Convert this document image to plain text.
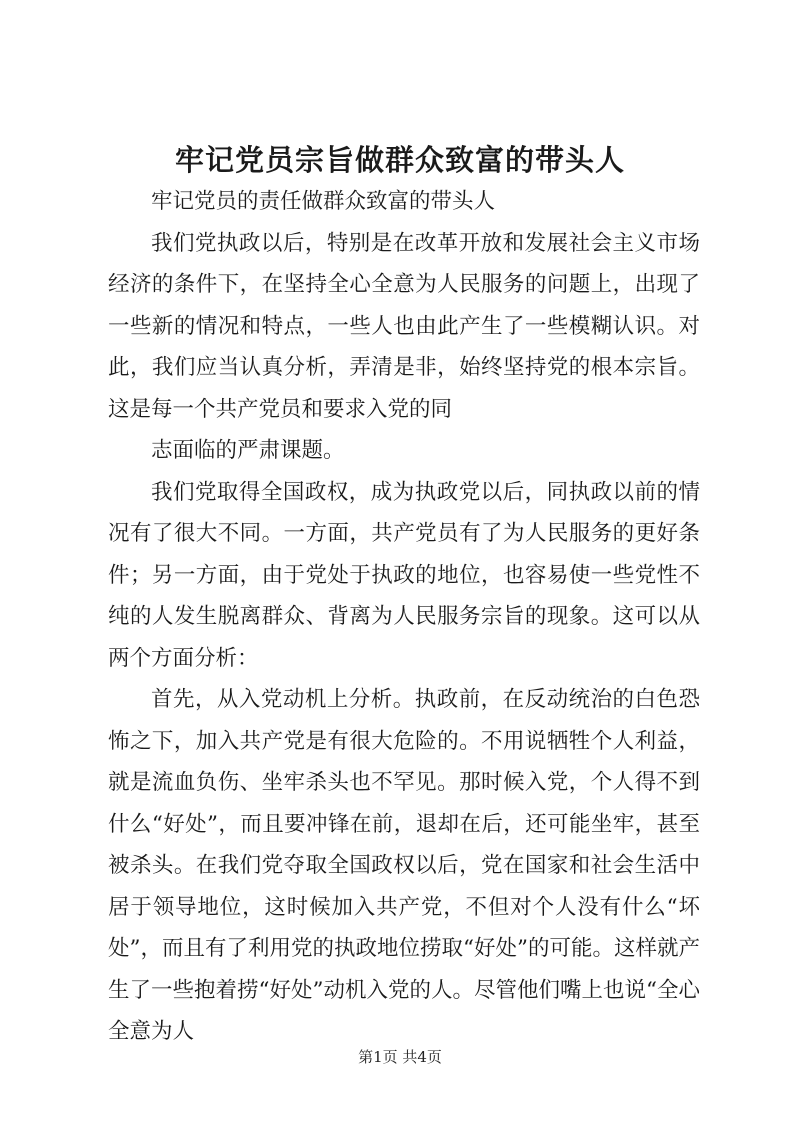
牢记党员宗旨做群众致富的带头人

牢记党员的责任做群众致富的带头人

我们党执政以后，特别是在改革开放和发展社会主义市场经济的条件下，在坚持全心全意为人民服务的问题上，出现了一些新的情况和特点，一些人也由此产生了一些模糊认识。对此，我们应当认真分析，弄清是非，始终坚持党的根本宗旨。这是每一个共产党员和要求入党的同

志面临的严肃课题。

我们党取得全国政权，成为执政党以后，同执政以前的情况有了很大不同。一方面，共产党员有了为人民服务的更好条件；另一方面，由于党处于执政的地位，也容易使一些党性不纯的人发生脱离群众、背离为人民服务宗旨的现象。这可以从两个方面分析：

首先，从入党动机上分析。执政前，在反动统治的白色恐怖之下，加入共产党是有很大危险的。不用说牺牲个人利益，就是流血负伤、坐牢杀头也不罕见。那时候入党，个人得不到什么“好处”，而且要冲锋在前，退却在后，还可能坐牢，甚至被杀头。在我们党夺取全国政权以后，党在国家和社会生活中居于领导地位，这时候加入共产党，不但对个人没有什么“坏处”，而且有了利用党的执政地位捞取“好处”的可能。这样就产生了一些抱着捞“好处”动机入党的人。尽管他们嘴上也说“全心全意为人

第1页 共4页
